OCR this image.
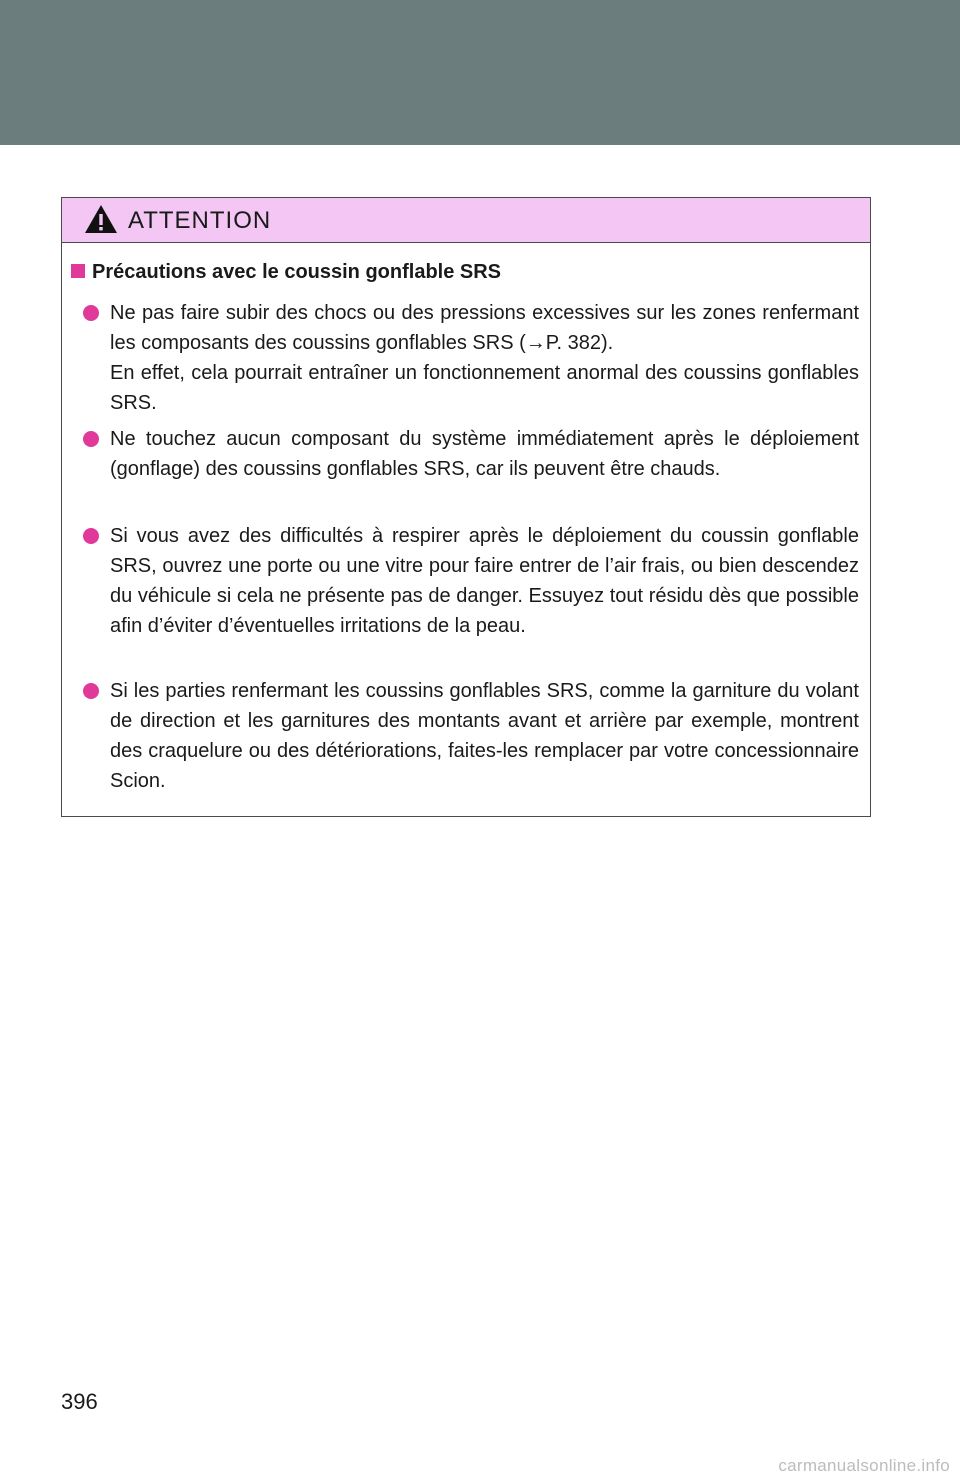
ATTENTION
Précautions avec le coussin gonflable SRS

Ne pas faire subir des chocs ou des pressions excessives sur les zones renfermant les composants des coussins gonflables SRS (→P. 382).

En effet, cela pourrait entraîner un fonctionnement anormal des coussins gonflables SRS.

Ne touchez aucun composant du système immédiatement après le déploiement (gonflage) des coussins gonflables SRS, car ils peuvent être chauds.

Si vous avez des difficultés à respirer après le déploiement du coussin gonflable SRS, ouvrez une porte ou une vitre pour faire entrer de l’air frais, ou bien descendez du véhicule si cela ne présente pas de danger. Essuyez tout résidu dès que possible afin d’éviter d’éventuelles irritations de la peau.

Si les parties renfermant les coussins gonflables SRS, comme la garniture du volant de direction et les garnitures des montants avant et arrière par exemple, montrent des craquelure ou des détériorations, faites-les remplacer par votre concessionnaire Scion.

396
carmanualsonline.info
